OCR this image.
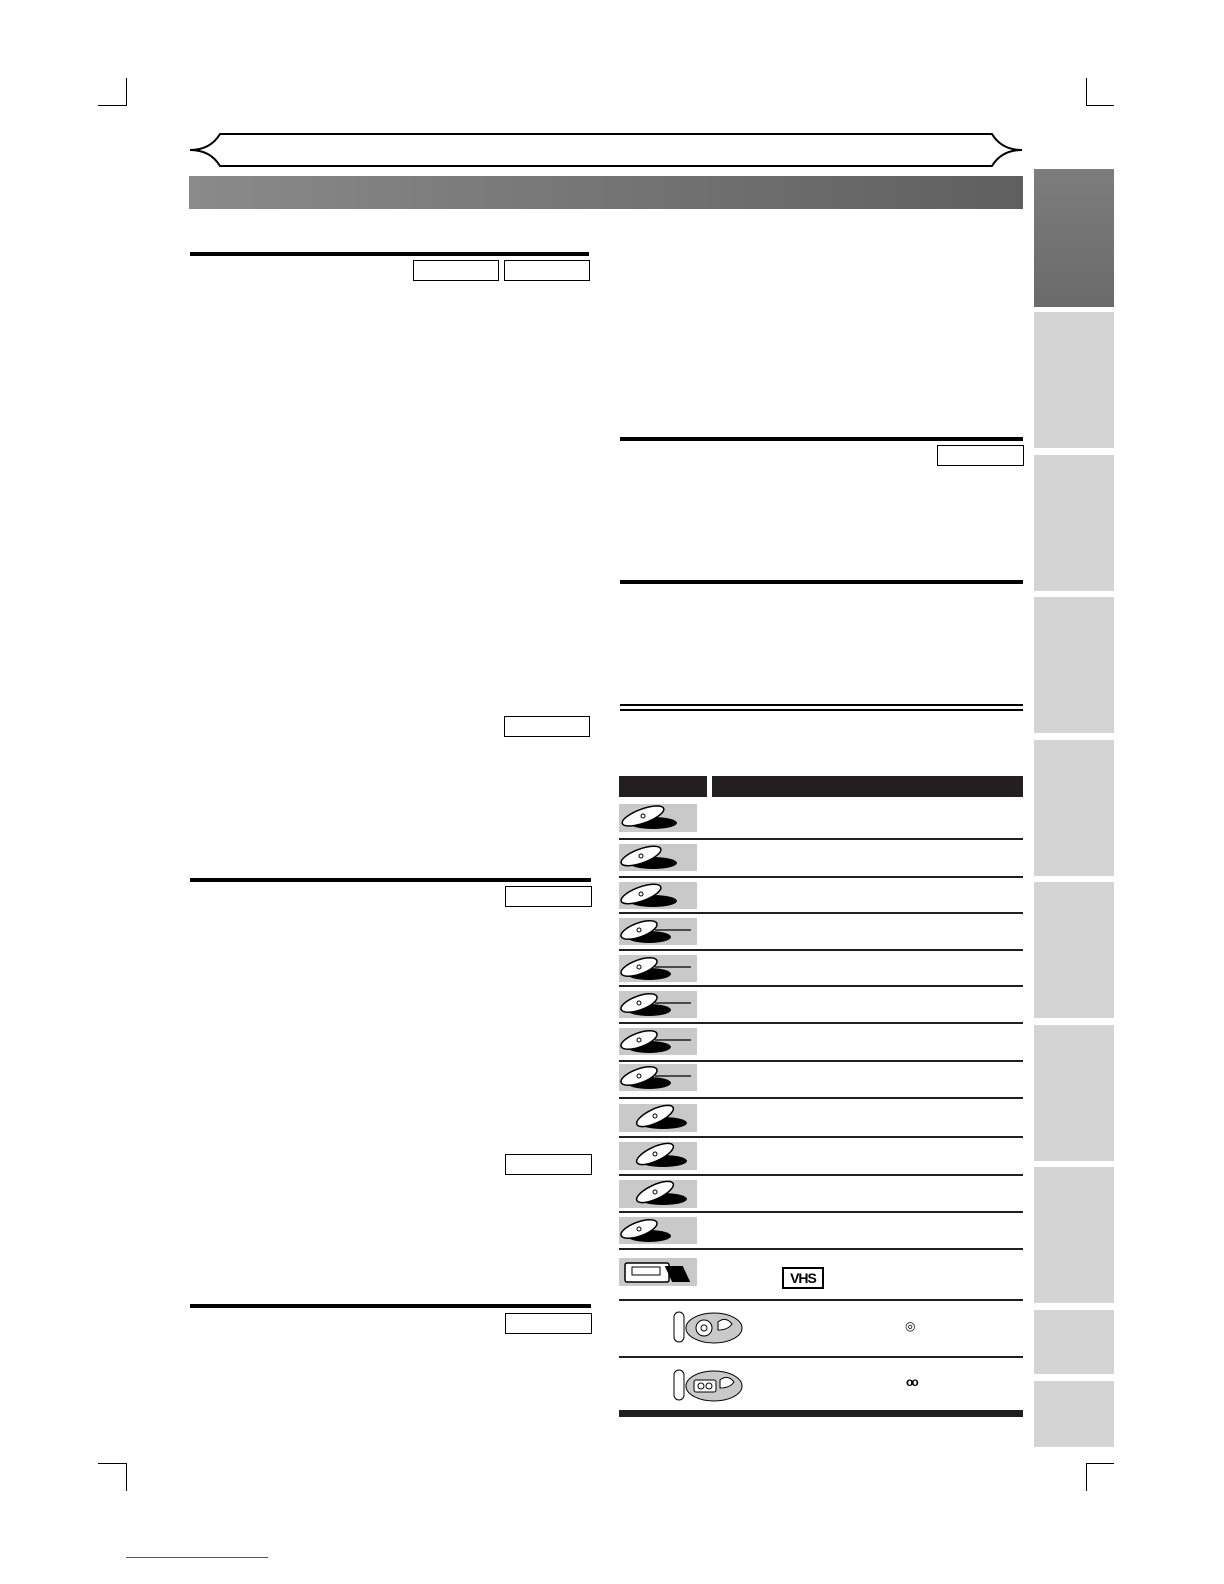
VHS
◎
oo
